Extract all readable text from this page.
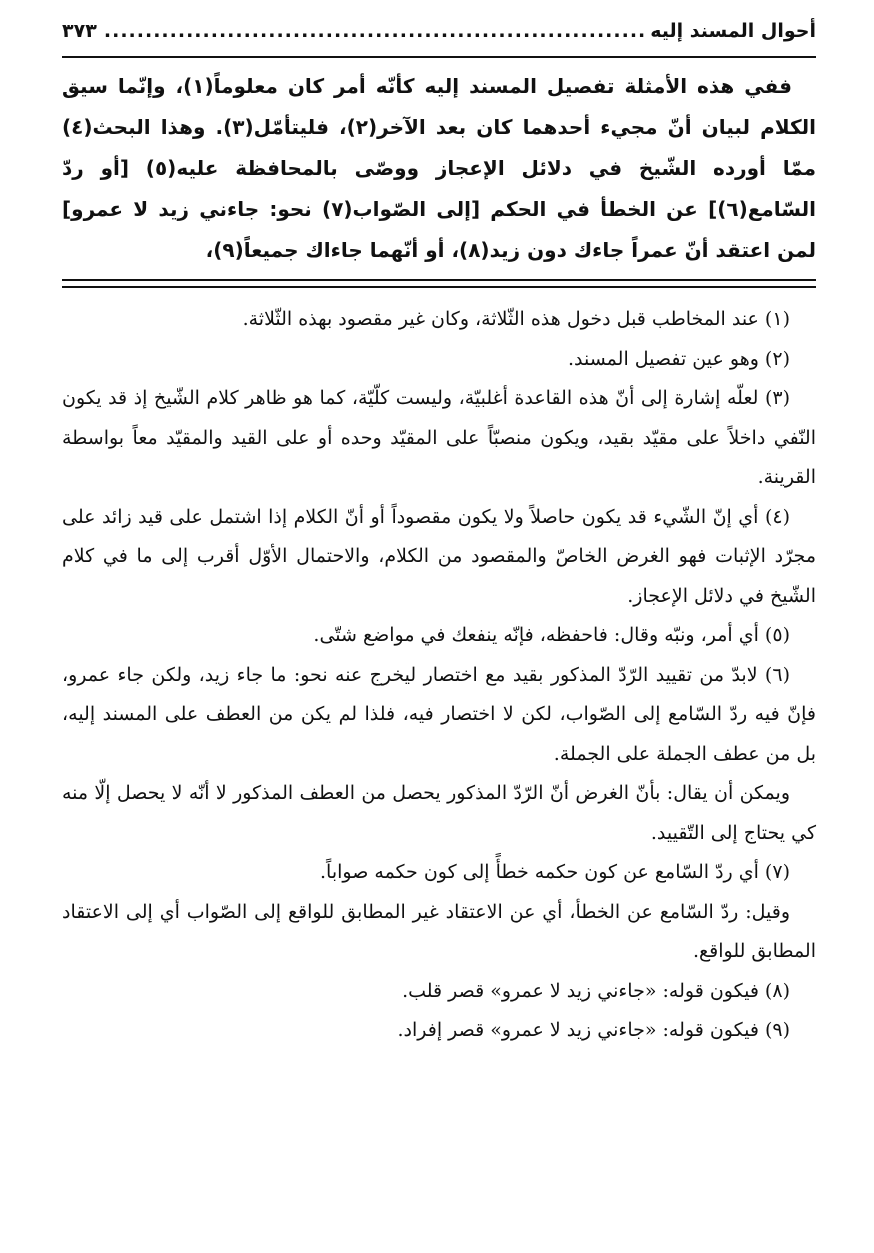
أحوال المسند إليه
..................................................................
٣٧٣

ففي هذه الأمثلة تفصيل المسند إليه كأنّه أمر كان معلوماً(١)، وإنّما سيق الكلام لبيان أنّ مجيء أحدهما كان بعد الآخر(٢)، فليتأمّل(٣). وهذا البحث(٤) ممّا أورده الشّيخ في دلائل الإعجاز ووصّى بالمحافظة عليه(٥) [أو ردّ السّامع(٦)] عن الخطأ في الحكم [إلى الصّواب(٧) نحو: جاءني زيد لا عمرو] لمن اعتقد أنّ عمراً جاءك دون زيد(٨)، أو أنّهما جاءاك جميعاً(٩)،

(١) عند المخاطب قبل دخول هذه الثّلاثة، وكان غير مقصود بهذه الثّلاثة.

(٢) وهو عين تفصيل المسند.

(٣) لعلّه إشارة إلى أنّ هذه القاعدة أغلبيّة، وليست كلّيّة، كما هو ظاهر كلام الشّيخ إذ قد يكون النّفي داخلاً على مقيّد بقيد، ويكون منصبّاً على المقيّد وحده أو على القيد والمقيّد معاً بواسطة القرينة.

(٤) أي إنّ الشّيء قد يكون حاصلاً ولا يكون مقصوداً أو أنّ الكلام إذا اشتمل على قيد زائد على مجرّد الإثبات فهو الغرض الخاصّ والمقصود من الكلام، والاحتمال الأوّل أقرب إلى ما في كلام الشّيخ في دلائل الإعجاز.

(٥) أي أمر، ونبّه وقال: فاحفظه، فإنّه ينفعك في مواضع شتّى.

(٦) لابدّ من تقييد الرّدّ المذكور بقيد مع اختصار ليخرج عنه نحو: ما جاء زيد، ولكن جاء عمرو، فإنّ فيه ردّ السّامع إلى الصّواب، لكن لا اختصار فيه، فلذا لم يكن من العطف على المسند إليه، بل من عطف الجملة على الجملة.

ويمكن أن يقال: بأنّ الغرض أنّ الرّدّ المذكور يحصل من العطف المذكور لا أنّه لا يحصل إلّا منه كي يحتاج إلى التّقييد.

(٧) أي ردّ السّامع عن كون حكمه خطأً إلى كون حكمه صواباً.

وقيل: ردّ السّامع عن الخطأ، أي عن الاعتقاد غير المطابق للواقع إلى الصّواب أي إلى الاعتقاد المطابق للواقع.

(٨) فيكون قوله: «جاءني زيد لا عمرو» قصر قلب.

(٩) فيكون قوله: «جاءني زيد لا عمرو» قصر إفراد.
